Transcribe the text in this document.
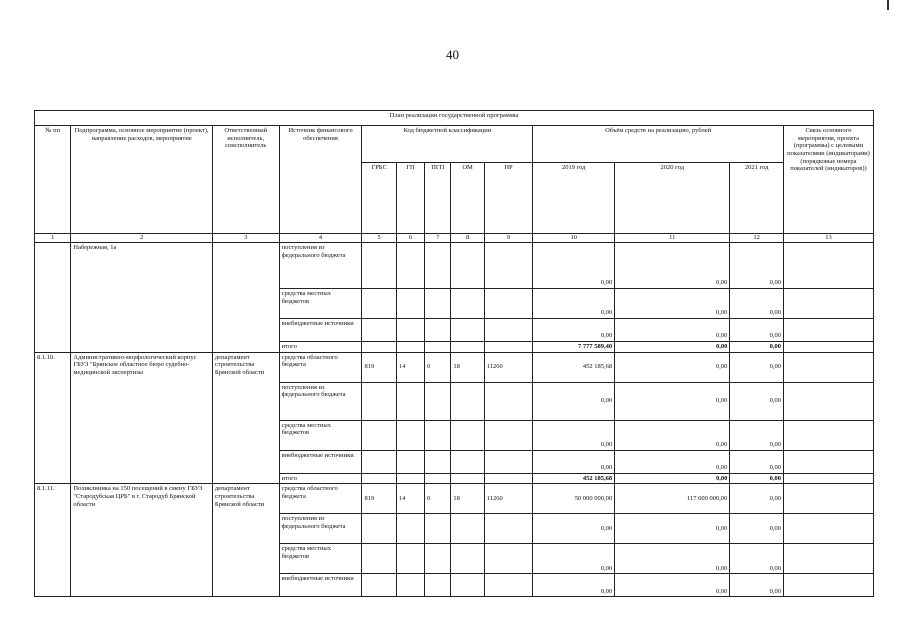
40
План реализации государственной программы												
№ пп	Подпрограмма, основное мероприятие (проект), направление расходов, мероприятие	Ответственный исполнитель, соисполнитель	Источник финансового обеспечения	Код бюджетной классификации					Объём средств на реализацию, рублей			Связь основного мероприятия, проекта (программы) с целевыми показателями (индикаторами) (порядковые номера показателей (индикаторов))
				ГРБС	ГП	ПГП	ОМ	НР	2019 год	2020 год	2021 год	
1	2	3	4	5	6	7	8	9	10	11	12	13
	Набережная, 1а		поступления из федерального бюджета						0,00	0,00	0,00	
			средства местных бюджетов						0,00	0,00	0,00	
			внебюджетные источники						0,00	0,00	0,00	
			итого						7 777 589,40	0,00	0,00	
8.1.10.	Административно-морфологический корпус ГБУЗ "Брянское областное бюро судебно-медицинской экспертизы	департамент строительства Брянской области	средства областного бюджета	819	14	0	18	11260	452 185,68	0,00	0,00	
			поступления из федерального бюджета						0,00	0,00	0,00	
			средства местных бюджетов						0,00	0,00	0,00	
			внебюджетные источники						0,00	0,00	0,00	
			итого						452 185,68	0,00	0,00	
8.1.11.	Поликлиника на 150 посещений в смену ГБУЗ "Стародубская ЦРБ" в г. Стародуб Брянской области	департамент строительства Брянской области	средства областного бюджета	819	14	0	18	11260	50 000 000,00	117 000 000,00	0,00	
			поступления из федерального бюджета						0,00	0,00	0,00	
			средства местных бюджетов						0,00	0,00	0,00	
			внебюджетные источники						0,00	0,00	0,00	
